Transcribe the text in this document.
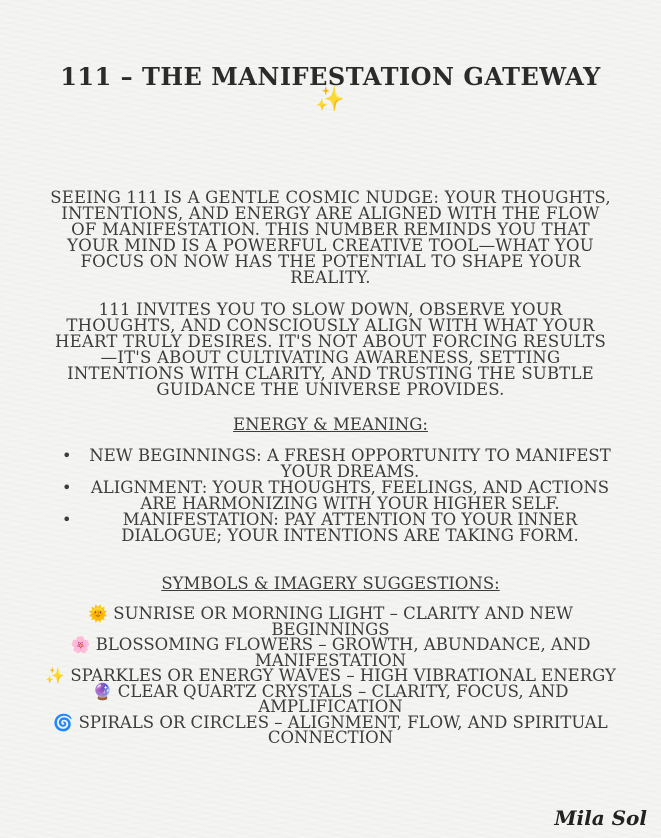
111 – THE MANIFESTATION GATEWAY ✨
SEEING 111 IS A GENTLE COSMIC NUDGE: YOUR THOUGHTS, INTENTIONS, AND ENERGY ARE ALIGNED WITH THE FLOW OF MANIFESTATION. THIS NUMBER REMINDS YOU THAT YOUR MIND IS A POWERFUL CREATIVE TOOL—WHAT YOU FOCUS ON NOW HAS THE POTENTIAL TO SHAPE YOUR REALITY.
111 INVITES YOU TO SLOW DOWN, OBSERVE YOUR THOUGHTS, AND CONSCIOUSLY ALIGN WITH WHAT YOUR HEART TRULY DESIRES. IT'S NOT ABOUT FORCING RESULTS—IT'S ABOUT CULTIVATING AWARENESS, SETTING INTENTIONS WITH CLARITY, AND TRUSTING THE SUBTLE GUIDANCE THE UNIVERSE PROVIDES.
ENERGY & MEANING:
• NEW BEGINNINGS: A FRESH OPPORTUNITY TO MANIFEST YOUR DREAMS.
• ALIGNMENT: YOUR THOUGHTS, FEELINGS, AND ACTIONS ARE HARMONIZING WITH YOUR HIGHER SELF.
•	MANIFESTATION: PAY ATTENTION TO YOUR INNER DIALOGUE; YOUR INTENTIONS ARE TAKING FORM.
SYMBOLS & IMAGERY SUGGESTIONS:
🌞 SUNRISE OR MORNING LIGHT – CLARITY AND NEW BEGINNINGS
🌸 BLOSSOMING FLOWERS – GROWTH, ABUNDANCE, AND MANIFESTATION
✨ SPARKLES OR ENERGY WAVES – HIGH VIBRATIONAL ENERGY
🔮 CLEAR QUARTZ CRYSTALS – CLARITY, FOCUS, AND AMPLIFICATION
🌀 SPIRALS OR CIRCLES – ALIGNMENT, FLOW, AND SPIRITUAL CONNECTION
Mila Sol
